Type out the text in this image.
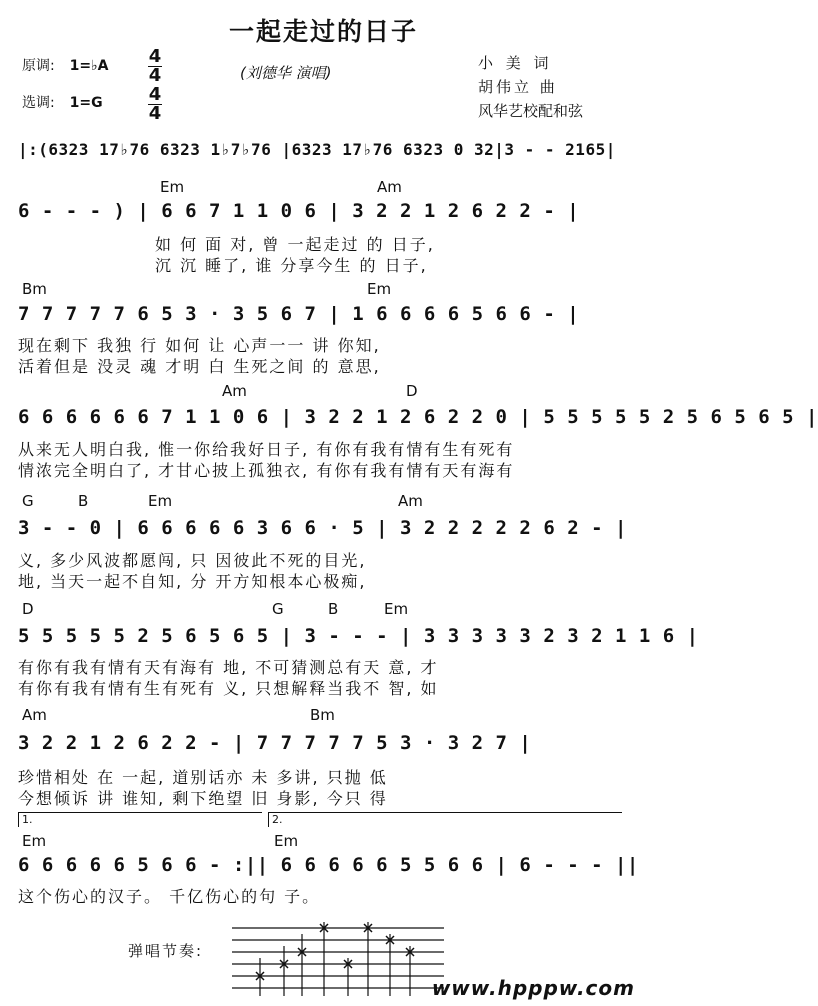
一起走过的日子
原调: 1=♭A
选调: 1=G
4
4
4
4
(刘德华 演唱)
小 美 词
胡伟立 曲
风华艺校配和弦
|:(6323 17♭76 6323 1♭7♭76 |6323 17♭76 6323 0 32|3 - - 2165|
Em	Am
6 - - - ) | 6 6 7 1 1 0 6 | 3 2 2 1 2 6 2 2 - |
如 何 面 对, 曾 一起走过 的 日子,
沉 沉 睡了, 谁 分享今生 的 日子,
Bm	Em
7 7 7 7 7 6 5 3 · 3 5 6 7 | 1 6 6 6 6 5 6 6 - |
现在剩下 我独 行 如何 让 心声一一 讲 你知,
活着但是 没灵 魂 才明 白 生死之间 的 意思,
Am	D
6 6 6 6 6 6 7 1 1 0 6 | 3 2 2 1 2 6 2 2 0 | 5 5 5 5 5 2 5 6 5 6 5 |
从来无人明白我, 惟一你给我好日子, 有你有我有情有生有死有
情浓完全明白了, 才甘心披上孤独衣, 有你有我有情有天有海有
G	B	Em	Am
3 - - 0 | 6 6 6 6 6 3 6 6 · 5 | 3 2 2 2 2 2 6 2 - |
义, 多少风波都愿闯, 只 因彼此不死的目光,
地, 当天一起不自知, 分 开方知根本心极痴,
D	G	B	Em
5 5 5 5 5 2 5 6 5 6 5 | 3 - - - | 3 3 3 3 3 2 3 2 1 1 6 |
有你有我有情有天有海有 地, 不可猜测总有天 意, 才
有你有我有情有生有死有 义, 只想解释当我不 智, 如
Am	Bm
3 2 2 1 2 6 2 2 - | 7 7 7 7 7 5 3 · 3 2 7 |
珍惜相处 在 一起, 道别话亦 未 多讲, 只抛 低
今想倾诉 讲 谁知, 剩下绝望 旧 身影, 今只 得
1.	2.
Em	Em
6 6 6 6 6 5 6 6 - :|| 6 6 6 6 6 5 5 6 6 | 6 - - - ||
这个伤心的汉子。 千亿伤心的句 子。
弹唱节奏:
www.hpppw.com
